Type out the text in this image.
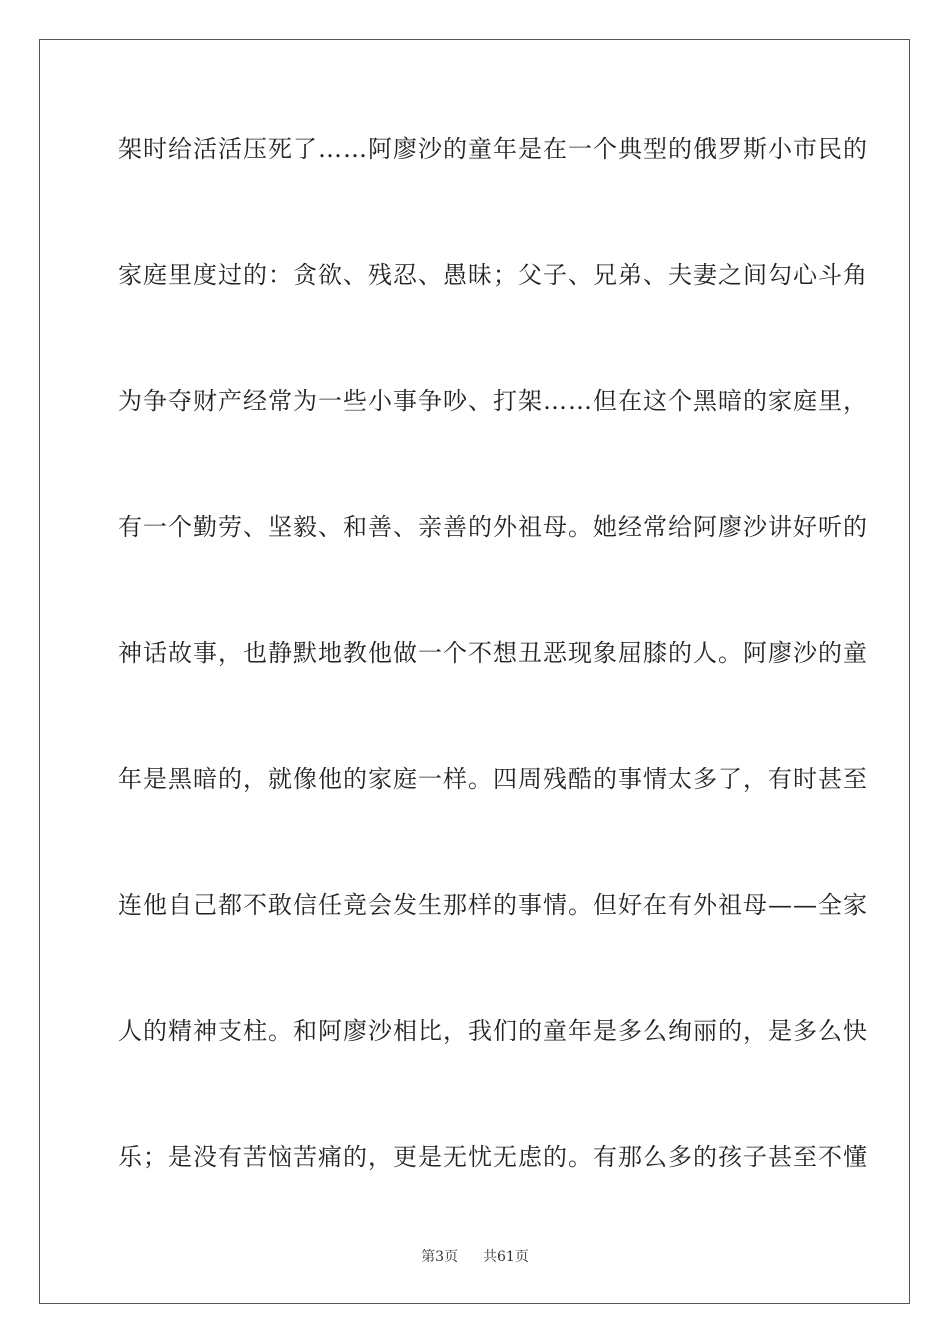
架时给活活压死了……阿廖沙的童年是在一个典型的俄罗斯小市民的
家庭里度过的：贪欲、残忍、愚昧；父子、兄弟、夫妻之间勾心斗角
为争夺财产经常为一些小事争吵、打架……但在这个黑暗的家庭里，
有一个勤劳、坚毅、和善、亲善的外祖母。她经常给阿廖沙讲好听的
神话故事，也静默地教他做一个不想丑恶现象屈膝的人。阿廖沙的童
年是黑暗的，就像他的家庭一样。四周残酷的事情太多了，有时甚至
连他自己都不敢信任竟会发生那样的事情。但好在有外祖母——全家
人的精神支柱。和阿廖沙相比，我们的童年是多么绚丽的，是多么快
乐；是没有苦恼苦痛的，更是无忧无虑的。有那么多的孩子甚至不懂
第3页 共61页
